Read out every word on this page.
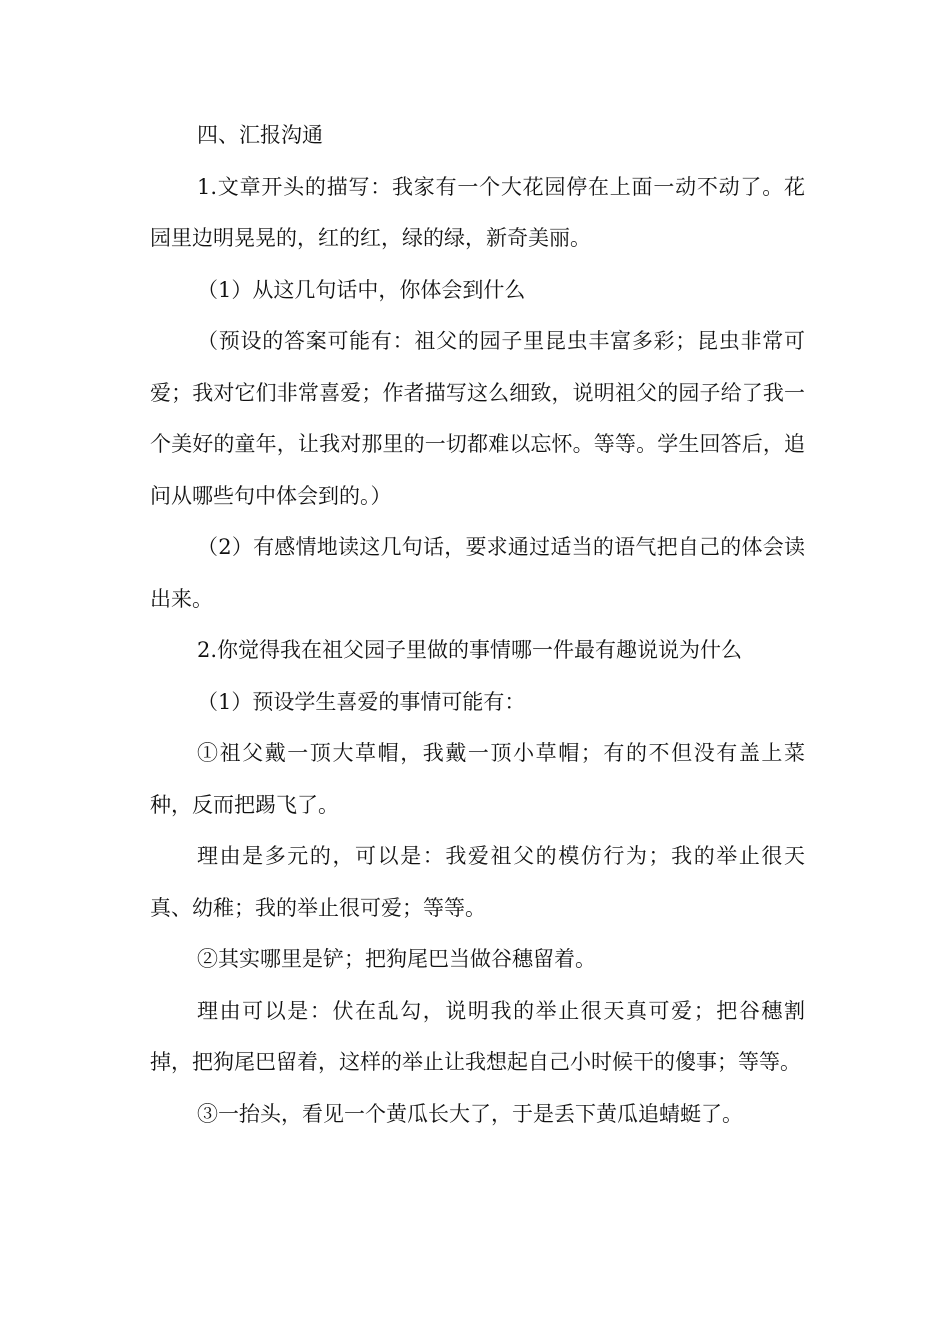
四、汇报沟通

1.文章开头的描写：我家有一个大花园停在上面一动不动了。花园里边明晃晃的，红的红，绿的绿，新奇美丽。

（1）从这几句话中，你体会到什么

（预设的答案可能有：祖父的园子里昆虫丰富多彩；昆虫非常可爱；我对它们非常喜爱；作者描写这么细致，说明祖父的园子给了我一个美好的童年，让我对那里的一切都难以忘怀。等等。学生回答后，追问从哪些句中体会到的。）

（2）有感情地读这几句话，要求通过适当的语气把自己的体会读出来。

2.你觉得我在祖父园子里做的事情哪一件最有趣说说为什么

（1）预设学生喜爱的事情可能有：

①祖父戴一顶大草帽，我戴一顶小草帽；有的不但没有盖上菜种，反而把踢飞了。

理由是多元的，可以是：我爱祖父的模仿行为；我的举止很天真、幼稚；我的举止很可爱；等等。

②其实哪里是铲；把狗尾巴当做谷穗留着。

理由可以是：伏在乱勾，说明我的举止很天真可爱；把谷穗割掉，把狗尾巴留着，这样的举止让我想起自己小时候干的傻事；等等。

③一抬头，看见一个黄瓜长大了，于是丢下黄瓜追蜻蜓了。
